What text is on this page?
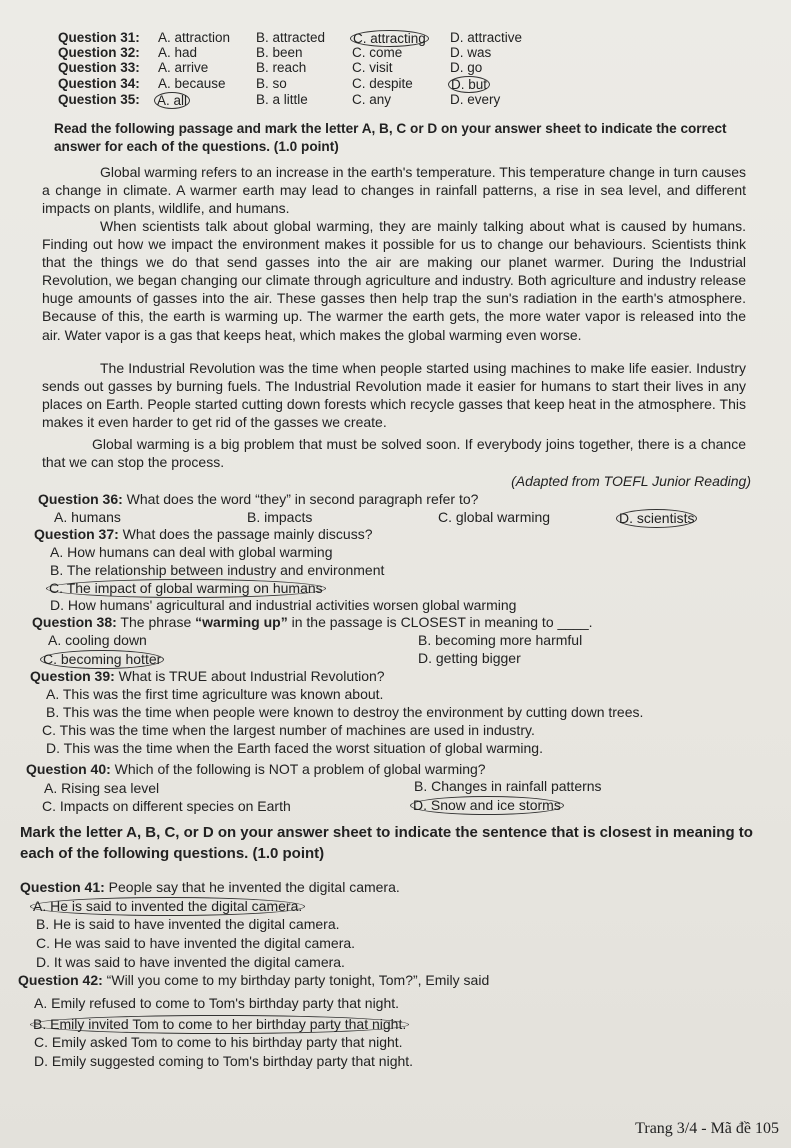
Question 31: A. attraction B. attracted C. attracting D. attractive
Question 32: A. had	B. been	C. come	D. was
Question 33: A. arrive	B. reach	C. visit	D. go
Question 34: A. because B. so	C. despite	D. but
Question 35: A. all	B. a little	C. any	D. every
Read the following passage and mark the letter A, B, C or D on your answer sheet to indicate the correct answer for each of the questions. (1.0 point)
Global warming refers to an increase in the earth's temperature. This temperature change in turn causes a change in climate. A warmer earth may lead to changes in rainfall patterns, a rise in sea level, and different impacts on plants, wildlife, and humans.
When scientists talk about global warming, they are mainly talking about what is caused by humans. Finding out how we impact the environment makes it possible for us to change our behaviours. Scientists think that the things we do that send gasses into the air are making our planet warmer. During the Industrial Revolution, we began changing our climate through agriculture and industry. Both agriculture and industry release huge amounts of gasses into the air. These gasses then help trap the sun's radiation in the earth's atmosphere. Because of this, the earth is warming up. The warmer the earth gets, the more water vapor is released into the air. Water vapor is a gas that keeps heat, which makes the global warming even worse.
The Industrial Revolution was the time when people started using machines to make life easier. Industry sends out gasses by burning fuels. The Industrial Revolution made it easier for humans to start their lives in any places on Earth. People started cutting down forests which recycle gasses that keep heat in the atmosphere. This makes it even harder to get rid of the gasses we create.
Global warming is a big problem that must be solved soon. If everybody joins together, there is a chance that we can stop the process.
(Adapted from TOEFL Junior Reading)
Question 36: What does the word “they” in second paragraph refer to?
A. humans	B. impacts	C. global warming	D. scientists
Question 37: What does the passage mainly discuss?
A. How humans can deal with global warming
B. The relationship between industry and environment
C. The impact of global warming on humans
D. How humans' agricultural and industrial activities worsen global warming
Question 38: The phrase “warming up” in the passage is CLOSEST in meaning to ____.
A. cooling down	B. becoming more harmful
C. becoming hotter	D. getting bigger
Question 39: What is TRUE about Industrial Revolution?
A. This was the first time agriculture was known about.
B. This was the time when people were known to destroy the environment by cutting down trees.
C. This was the time when the largest number of machines are used in industry.
D. This was the time when the Earth faced the worst situation of global warming.
Question 40: Which of the following is NOT a problem of global warming?
A. Rising sea level	B. Changes in rainfall patterns
C. Impacts on different species on Earth	D. Snow and ice storms
Mark the letter A, B, C, or D on your answer sheet to indicate the sentence that is closest in meaning to each of the following questions. (1.0 point)
Question 41: People say that he invented the digital camera.
A. He is said to invented the digital camera.
B. He is said to have invented the digital camera.
C. He was said to have invented the digital camera.
D. It was said to have invented the digital camera.
Question 42: “Will you come to my birthday party tonight, Tom?”, Emily said
A. Emily refused to come to Tom's birthday party that night.
B. Emily invited Tom to come to her birthday party that night.
C. Emily asked Tom to come to his birthday party that night.
D. Emily suggested coming to Tom's birthday party that night.
Trang 3/4 - Mã đề 105
